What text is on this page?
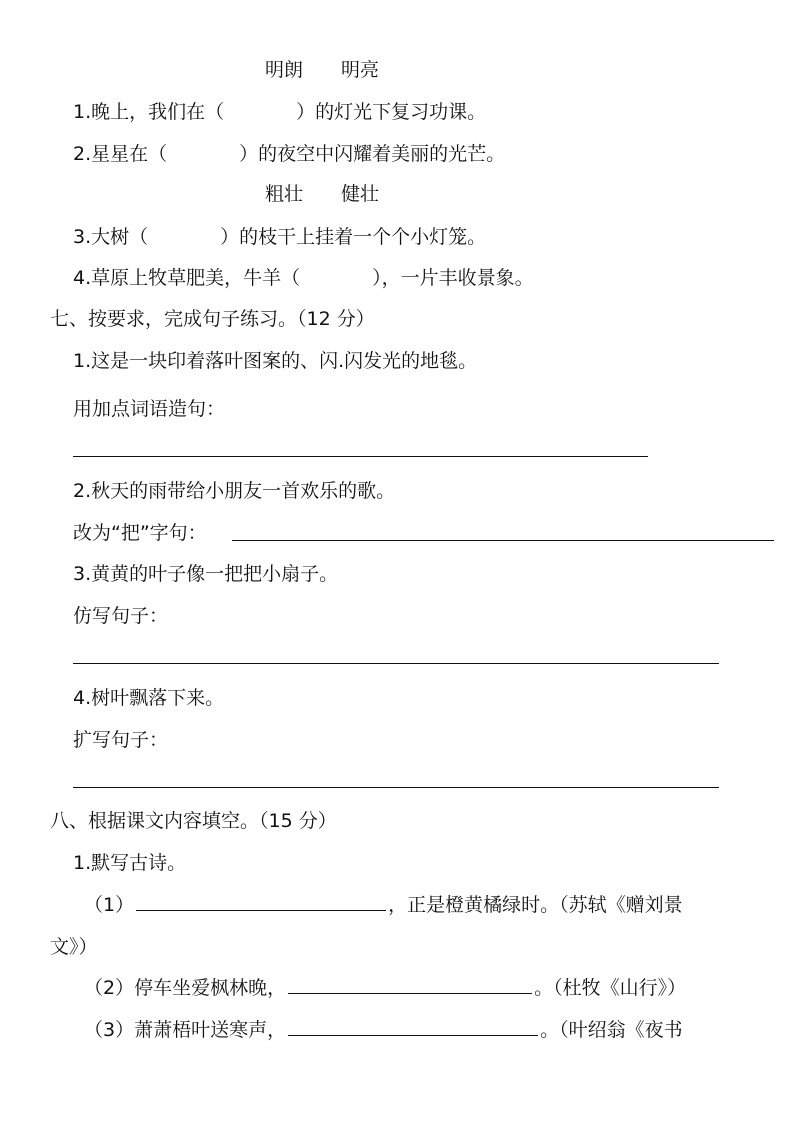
明朗　　明亮
1.晚上，我们在（	）的灯光下复习功课。
2.星星在（	）的夜空中闪耀着美丽的光芒。
粗壮　　健壮
3.大树（	）的枝干上挂着一个个小灯笼。
4.草原上牧草肥美，牛羊（	），一片丰收景象。
七、按要求，完成句子练习。（12 分）
1.这是一块印着落叶图案的、闪.闪发光的地毯。
用加点词语造句：
2.秋天的雨带给小朋友一首欢乐的歌。
改为“把”字句：
3.黄黄的叶子像一把把小扇子。
仿写句子：
4.树叶飘落下来。
扩写句子：
八、根据课文内容填空。（15 分）
1.默写古诗。
（1）	，正是橙黄橘绿时。（苏轼《赠刘景
文》）
（2）停车坐爱枫林晚，	。（杜牧《山行》）
（3）萧萧梧叶送寒声，	。（叶绍翁《夜书
